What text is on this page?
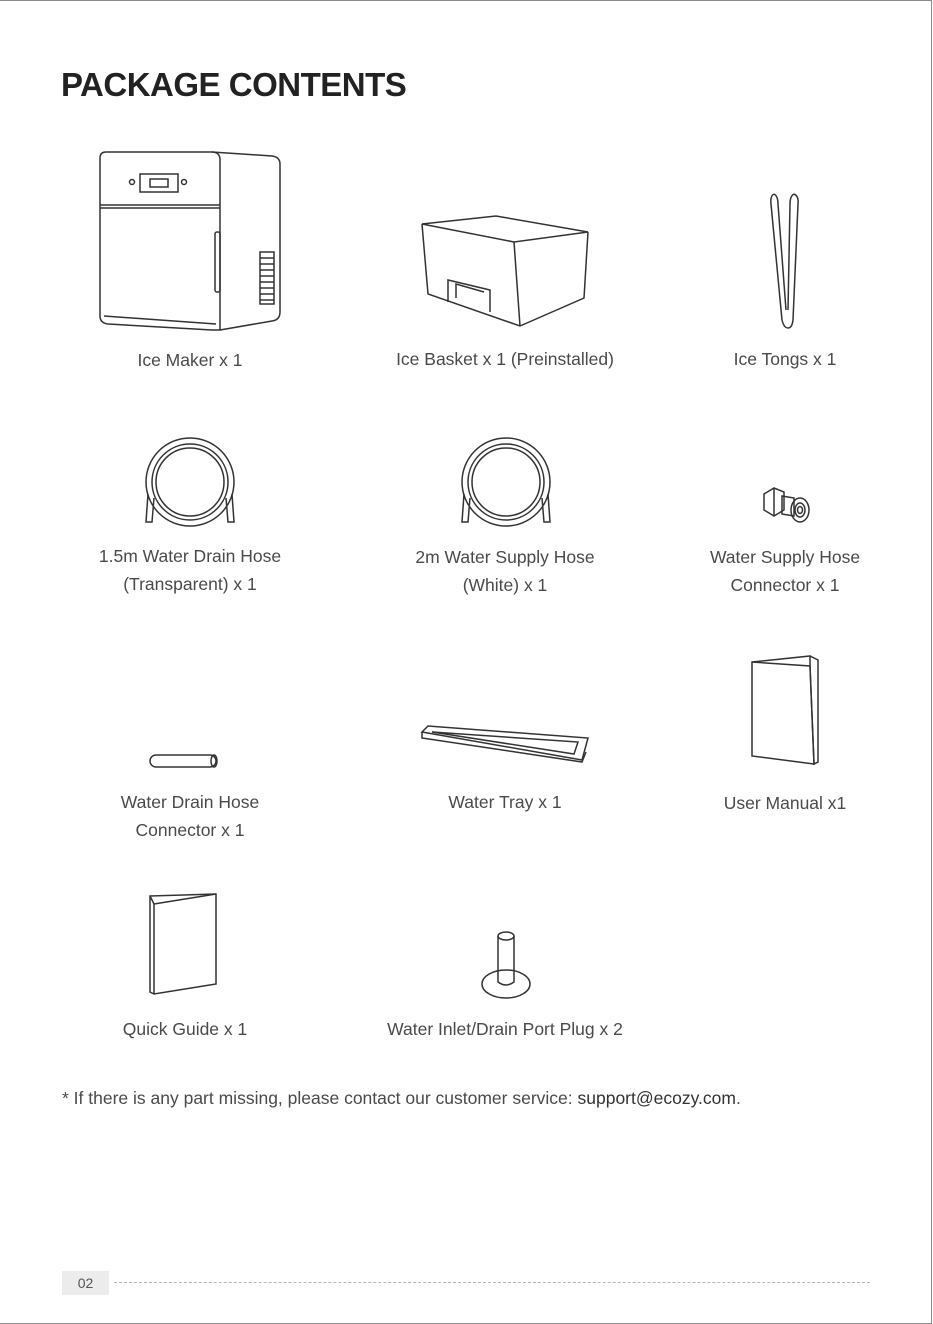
PACKAGE CONTENTS
Ice Maker x 1	Ice Basket x 1 (Preinstalled)	Ice Tongs x 1
1.5m Water Drain Hose
(Transparent) x 1
2m Water Supply Hose
(White) x 1
Water Supply Hose
Connector x 1
Water Drain Hose
Connector x 1
Water Tray x 1	User Manual x1
Quick Guide x 1	Water Inlet/Drain Port Plug x 2
* If there is any part missing, please contact our customer service: support@ecozy.com.
02
